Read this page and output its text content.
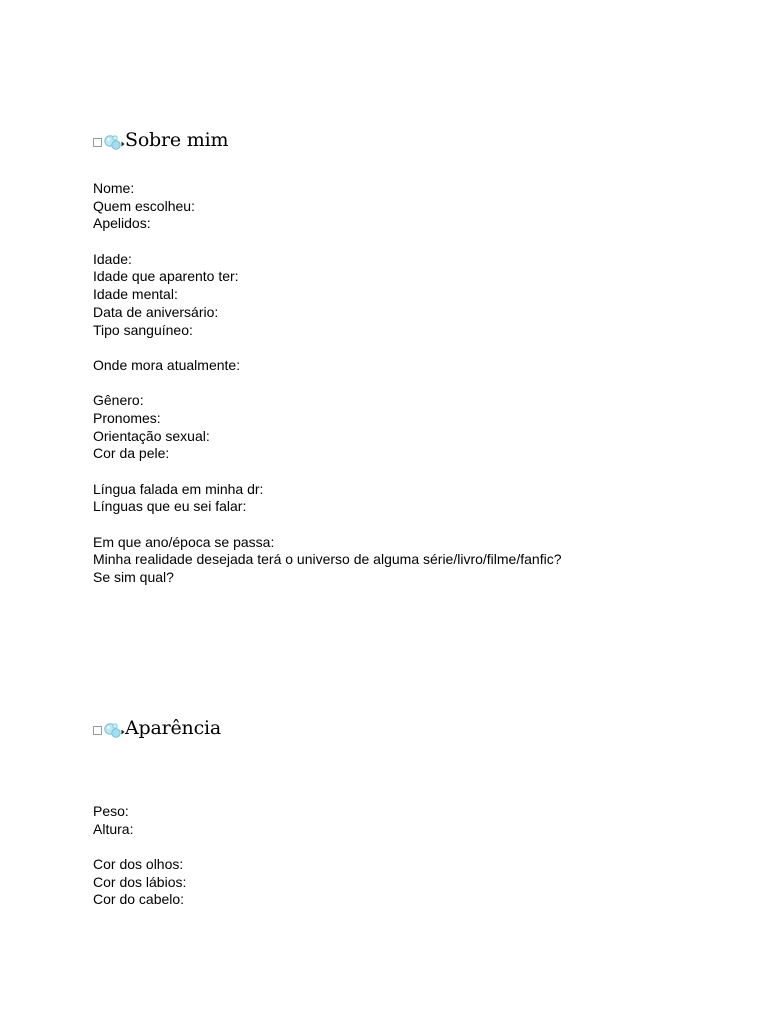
Sobre mim
Nome:
Quem escolheu:
Apelidos:
Idade:
Idade que aparento ter:
Idade mental:
Data de aniversário:
Tipo sanguíneo:
Onde mora atualmente:
Gênero:
Pronomes:
Orientação sexual:
Cor da pele:
Língua falada em minha dr:
Línguas que eu sei falar:
Em que ano/época se passa:
Minha realidade desejada terá o universo de alguma série/livro/filme/fanfic?
Se sim qual?
Aparência
Peso:
Altura:
Cor dos olhos:
Cor dos lábios:
Cor do cabelo:
